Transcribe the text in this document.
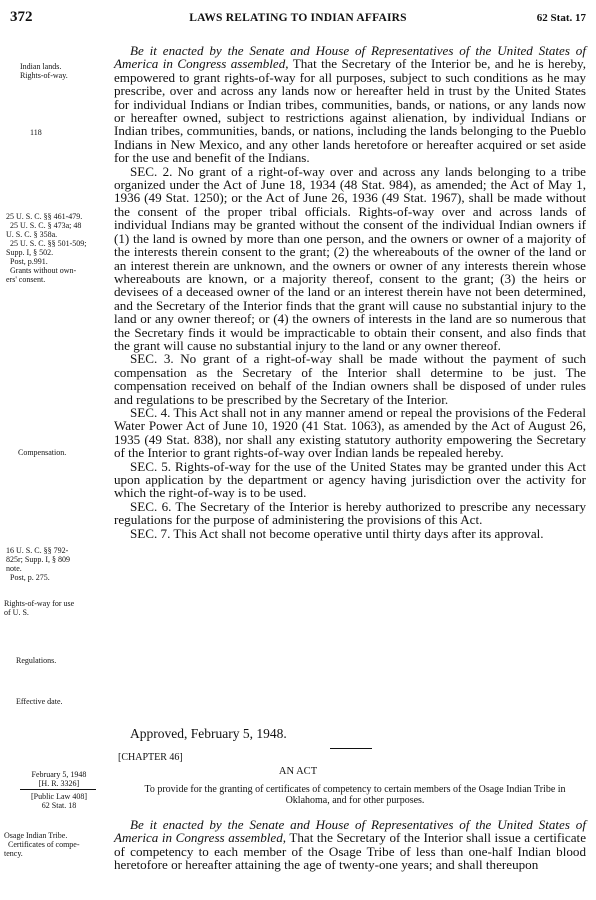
372	LAWS RELATING TO INDIAN AFFAIRS	62 Stat. 17
Indian lands.
Rights-of-way.
118
25 U. S. C. §§ 461-479.
25 U. S. C. § 473a; 48
U. S. C. § 358a.
25 U. S. C. §§ 501-509;
Supp. I, § 502.
Post, p.991.
Grants without own-
ers' consent.
Compensation.
16 U. S. C. §§ 792-
825r; Supp. I, § 809
note.
Post, p. 275.
Rights-of-way for use
of U. S.
Regulations.
Effective date.
Osage Indian Tribe.
Certificates of compe-
tency.

Be it enacted by the Senate and House of Representatives of the United States of America in Congress assembled, That the Secretary of the Interior be, and he is hereby, empowered to grant rights-of-way for all purposes, subject to such conditions as he may prescribe, over and across any lands now or hereafter held in trust by the United States for individual Indians or Indian tribes, communities, bands, or nations, or any lands now or hereafter owned, subject to restrictions against alienation, by individual Indians or Indian tribes, communities, bands, or nations, including the lands belonging to the Pueblo Indians in New Mexico, and any other lands heretofore or hereafter acquired or set aside for the use and benefit of the Indians.

SEC. 2. No grant of a right-of-way over and across any lands belonging to a tribe organized under the Act of June 18, 1934 (48 Stat. 984), as amended; the Act of May 1, 1936 (49 Stat. 1250); or the Act of June 26, 1936 (49 Stat. 1967), shall be made without the consent of the proper tribal officials. Rights-of-way over and across lands of individual Indians may be granted without the consent of the individual Indian owners if (1) the land is owned by more than one person, and the owners or owner of a majority of the interests therein consent to the grant; (2) the whereabouts of the owner of the land or an interest therein are unknown, and the owners or owner of any interests therein whose whereabouts are known, or a majority thereof, consent to the grant; (3) the heirs or devisees of a deceased owner of the land or an interest therein have not been determined, and the Secretary of the Interior finds that the grant will cause no substantial injury to the land or any owner thereof; or (4) the owners of interests in the land are so numerous that the Secretary finds it would be impracticable to obtain their consent, and also finds that the grant will cause no substantial injury to the land or any owner thereof.

SEC. 3. No grant of a right-of-way shall be made without the payment of such compensation as the Secretary of the Interior shall determine to be just. The compensation received on behalf of the Indian owners shall be disposed of under rules and regulations to be prescribed by the Secretary of the Interior.

SEC. 4. This Act shall not in any manner amend or repeal the provisions of the Federal Water Power Act of June 10, 1920 (41 Stat. 1063), as amended by the Act of August 26, 1935 (49 Stat. 838), nor shall any existing statutory authority empowering the Secretary of the Interior to grant rights-of-way over Indian lands be repealed hereby.

SEC. 5. Rights-of-way for the use of the United States may be granted under this Act upon application by the department or agency having jurisdiction over the activity for which the right-of-way is to be used.

SEC. 6. The Secretary of the Interior is hereby authorized to prescribe any necessary regulations for the purpose of administering the provisions of this Act.

SEC. 7. This Act shall not become operative until thirty days after its approval.

Approved, February 5, 1948.
[CHAPTER 46]
AN ACT
To provide for the granting of certificates of competency to certain members of the Osage Indian Tribe in Oklahoma, and for other purposes.
February 5, 1948
[H. R. 3326]
[Public Law 408]
62 Stat. 18

Be it enacted by the Senate and House of Representatives of the United States of America in Congress assembled, That the Secretary of the Interior shall issue a certificate of competency to each member of the Osage Tribe of less than one-half Indian blood heretofore or hereafter attaining the age of twenty-one years; and shall thereupon
